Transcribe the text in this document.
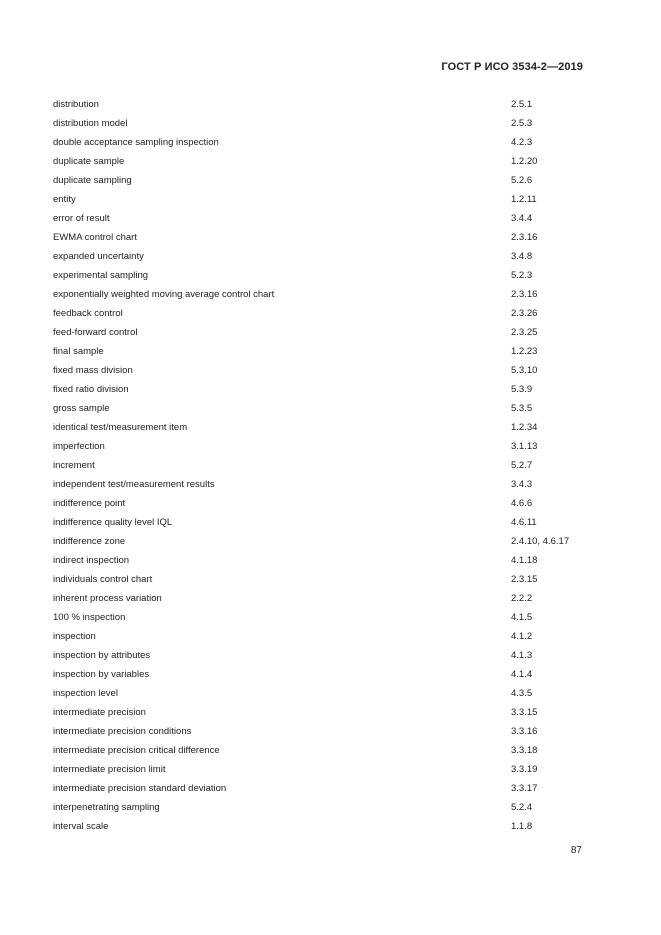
ГОСТ Р ИСО 3534-2—2019
distribution	2.5.1
distribution model	2.5.3
double acceptance sampling inspection	4.2.3
duplicate sample	1.2.20
duplicate sampling	5.2.6
entity	1.2.11
error of result	3.4.4
EWMA control chart	2.3.16
expanded uncertainty	3.4.8
experimental sampling	5.2.3
exponentially weighted moving average control chart	2.3.16
feedback control	2.3.26
feed-forward control	2.3.25
final sample	1.2.23
fixed mass division	5.3.10
fixed ratio division	5.3.9
gross sample	5.3.5
identical test/measurement item	1.2.34
imperfection	3.1.13
increment	5.2.7
independent test/measurement results	3.4.3
indifference point	4.6.6
indifference quality level IQL	4.6.11
indifference zone	2.4.10, 4.6.17
indirect inspection	4.1.18
individuals control chart	2.3.15
inherent process variation	2.2.2
100 % inspection	4.1.5
inspection	4.1.2
inspection by attributes	4.1.3
inspection by variables	4.1.4
inspection level	4.3.5
intermediate precision	3.3.15
intermediate precision conditions	3.3.16
intermediate precision critical difference	3.3.18
intermediate precision limit	3.3.19
intermediate precision standard deviation	3.3.17
interpenetrating sampling	5.2.4
interval scale	1.1.8
87
